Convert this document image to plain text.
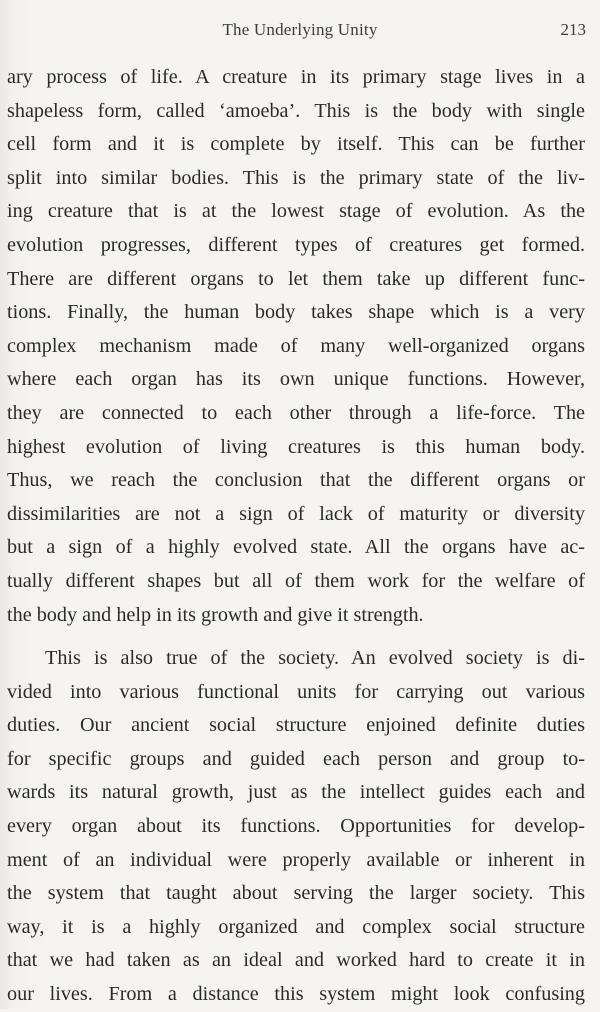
The Underlying Unity	213
ary process of life. A creature in its primary stage lives in a
shapeless form, called ‘amoeba’. This is the body with single
cell form and it is complete by itself. This can be further
split into similar bodies. This is the primary state of the liv-
ing creature that is at the lowest stage of evolution. As the
evolution progresses, different types of creatures get formed.
There are different organs to let them take up different func-
tions. Finally, the human body takes shape which is a very
complex mechanism made of many well-organized organs
where each organ has its own unique functions. However,
they are connected to each other through a life-force. The
highest evolution of living creatures is this human body.
Thus, we reach the conclusion that the different organs or
dissimilarities are not a sign of lack of maturity or diversity
but a sign of a highly evolved state. All the organs have ac-
tually different shapes but all of them work for the welfare of
the body and help in its growth and give it strength.
This is also true of the society. An evolved society is di-
vided into various functional units for carrying out various
duties. Our ancient social structure enjoined definite duties
for specific groups and guided each person and group to-
wards its natural growth, just as the intellect guides each and
every organ about its functions. Opportunities for develop-
ment of an individual were properly available or inherent in
the system that taught about serving the larger society. This
way, it is a highly organized and complex social structure
that we had taken as an ideal and worked hard to create it in
our lives. From a distance this system might look confusing
